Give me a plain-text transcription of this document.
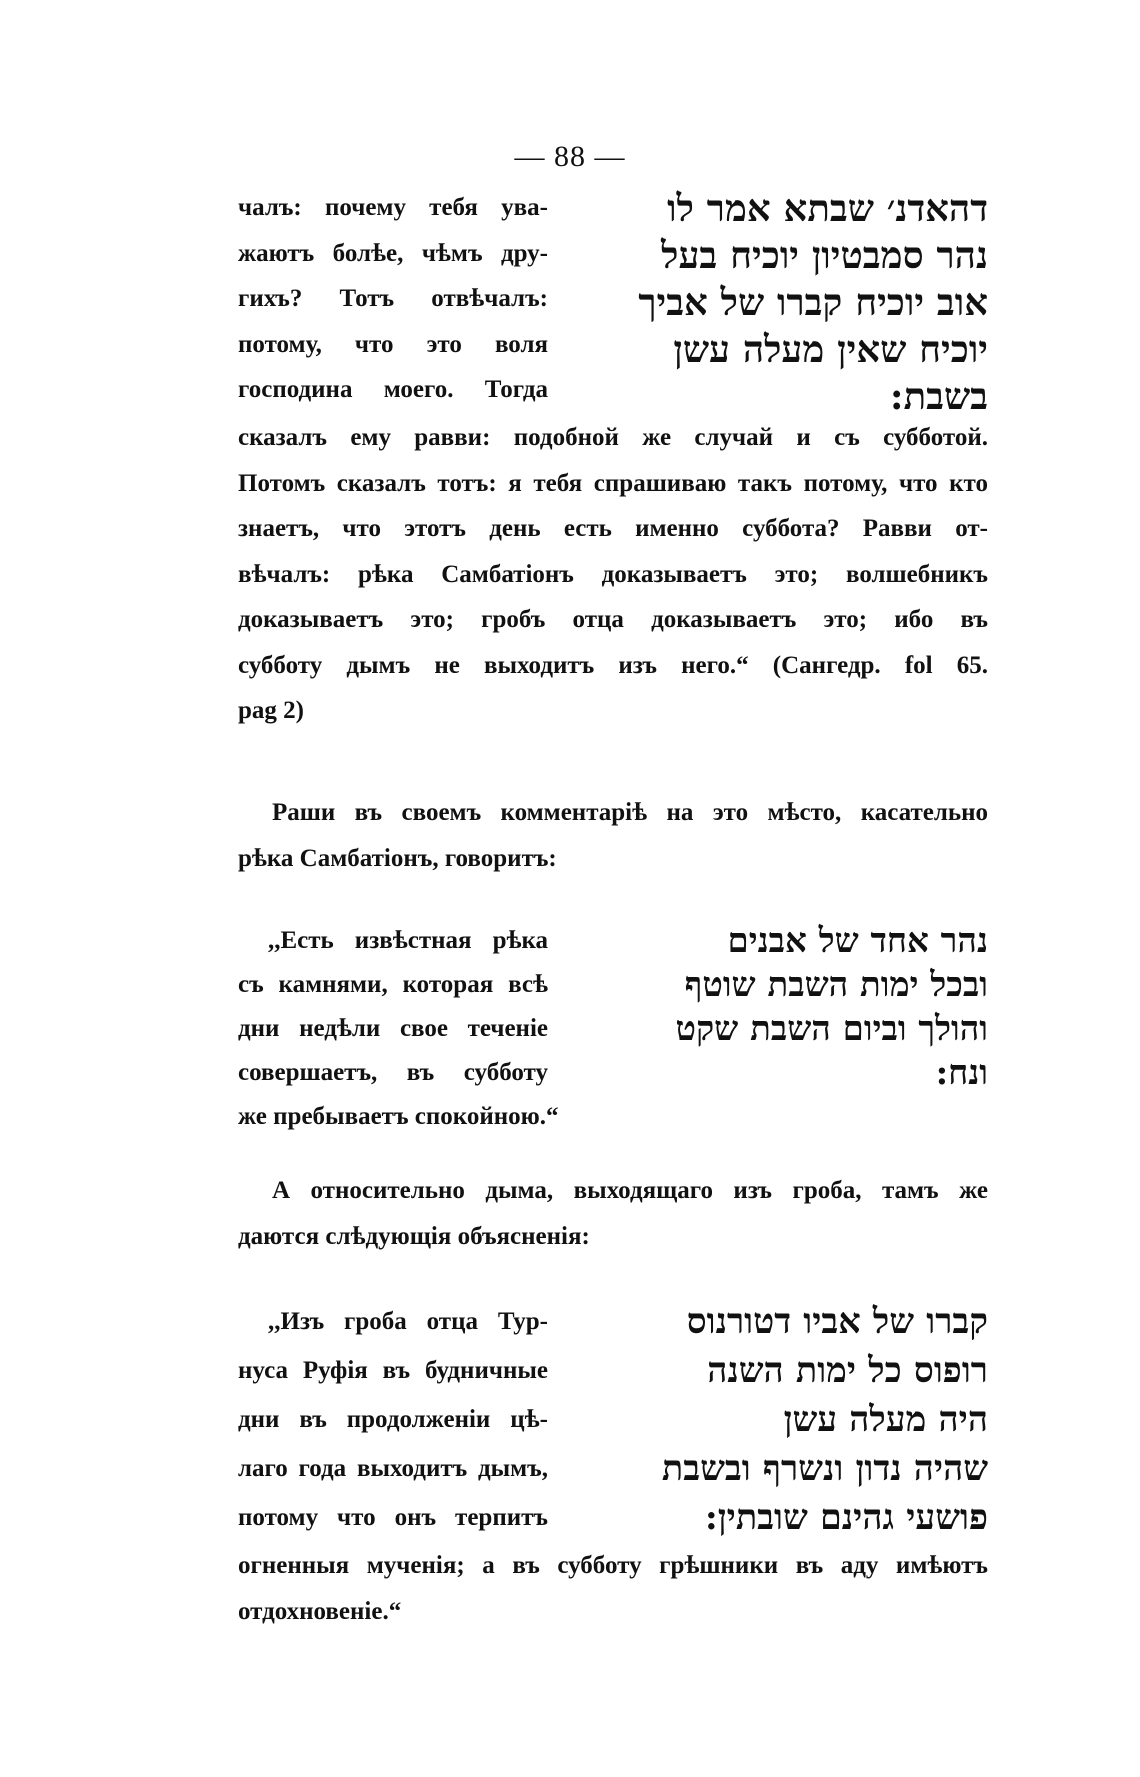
— 88 —
чалъ: почему тебя ува-
жаютъ болѣе, чѣмъ дру-
гихъ? Тотъ отвѣчалъ:
потому, что это воля
господина моего. Тогда
דהאדנ׳ שבתא אמר לו
נהר סמבטיון יוכיח בעל
אוב יוכיח קברו של אביך
יוכיח שאין מעלה עשן
בשבת:
сказалъ ему равви: подобной же случай и съ субботой.
Потомъ сказалъ тотъ: я тебя спрашиваю такъ потому, что кто
знаетъ, что этотъ день есть именно суббота? Равви от-
вѣчалъ: рѣка Самбатіонъ доказываетъ это; волшебникъ
доказываетъ это; гробъ отца доказываетъ это; ибо въ
субботу дымъ не выходитъ изъ него.“ (Сангедр. fol 65.
pag 2)
Раши въ своемъ комментаріѣ на это мѣсто, касательно
рѣка Самбатіонъ, говоритъ:
,,Есть извѣстная рѣка
съ камнями, которая всѣ
дни недѣли свое теченіе
совершаетъ, въ субботу
же пребываетъ спокойною.“
נהר אחד של אבנים
ובכל ימות השבת שוטף
והולך וביום השבת שקט
ונח:
А относительно дыма, выходящаго изъ гроба, тамъ же
даются слѣдующія объясненія:
,,Изъ гроба отца Тур-
нуса Руфія въ будничные
дни въ продолженіи цѣ-
лаго года выходитъ дымъ,
потому что онъ терпитъ
קברו של אביו דטורנוס
רופוס כל ימות השנה
היה מעלה עשן
שהיה נדון ונשרף ובשבת
פושעי גהינם שובתין:
огненныя мученія; а въ субботу грѣшники въ аду имѣютъ
отдохновеніе.“
